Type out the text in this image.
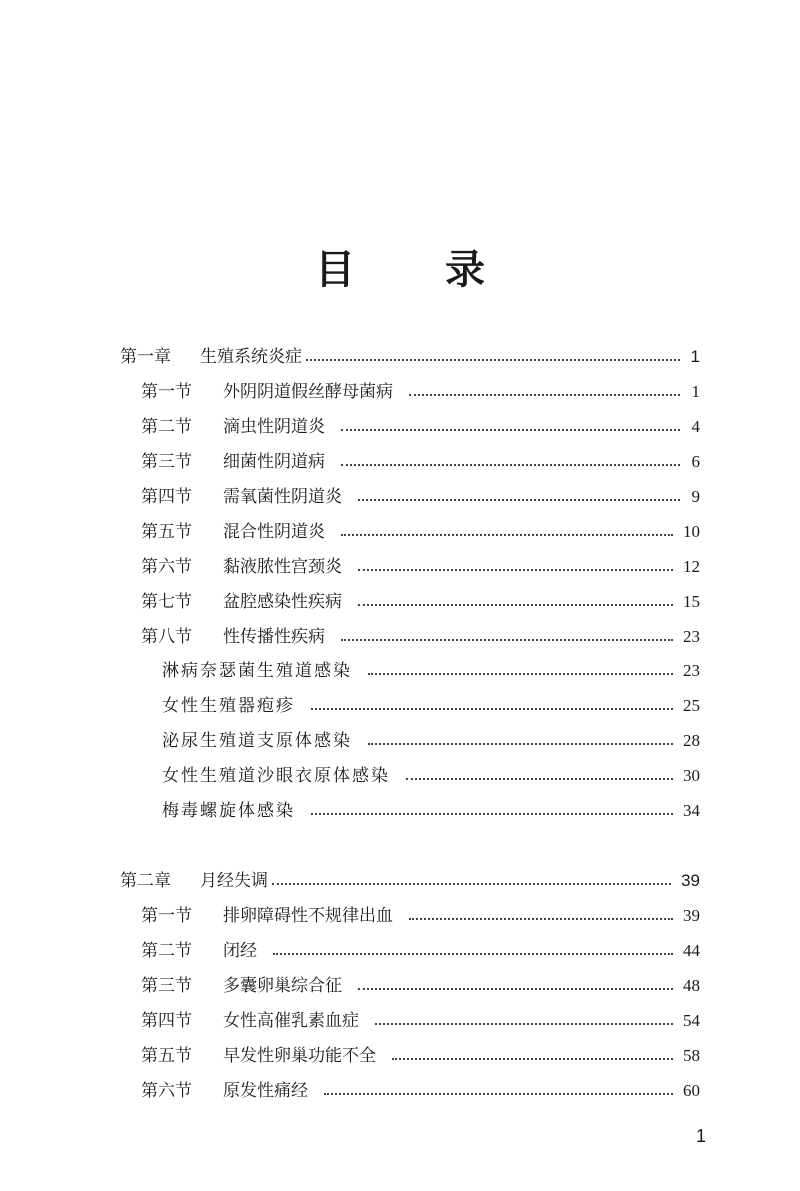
目 录
第一章 生殖系统炎症	1
第一节 外阴阴道假丝酵母菌病	1
第二节 滴虫性阴道炎	4
第三节 细菌性阴道病	6
第四节 需氧菌性阴道炎	9
第五节 混合性阴道炎	10
第六节 黏液脓性宫颈炎	12
第七节 盆腔感染性疾病	15
第八节 性传播性疾病	23
淋病奈瑟菌生殖道感染	23
女性生殖器疱疹	25
泌尿生殖道支原体感染	28
女性生殖道沙眼衣原体感染	30
梅毒螺旋体感染	34
第二章 月经失调	39
第一节 排卵障碍性不规律出血	39
第二节 闭经	44
第三节 多囊卵巢综合征	48
第四节 女性高催乳素血症	54
第五节 早发性卵巢功能不全	58
第六节 原发性痛经	60
1
